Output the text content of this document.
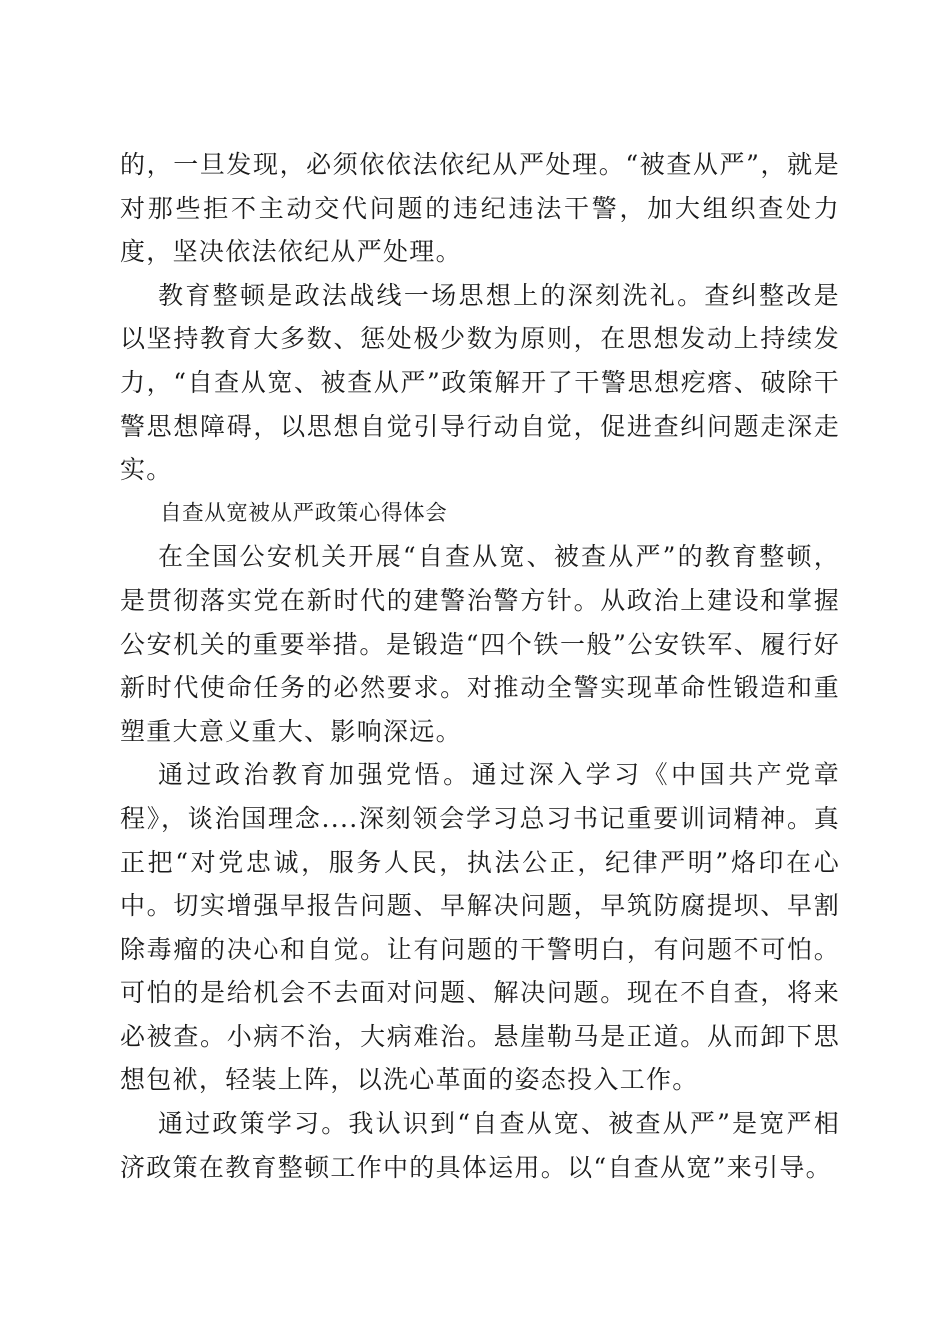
的，一旦发现，必须依依法依纪从严处理。“被查从严”，就是对那些拒不主动交代问题的违纪违法干警，加大组织查处力度，坚决依法依纪从严处理。

教育整顿是政法战线一场思想上的深刻洗礼。查纠整改是以坚持教育大多数、惩处极少数为原则，在思想发动上持续发力，“自查从宽、被查从严”政策解开了干警思想疙瘩、破除干警思想障碍，以思想自觉引导行动自觉，促进查纠问题走深走实。

自查从宽被从严政策心得体会

在全国公安机关开展“自查从宽、被查从严”的教育整顿，是贯彻落实党在新时代的建警治警方针。从政治上建设和掌握公安机关的重要举措。是锻造“四个铁一般”公安铁军、履行好新时代使命任务的必然要求。对推动全警实现革命性锻造和重塑重大意义重大、影响深远。

通过政治教育加强党悟。通过深入学习《中国共产党章程》，谈治国理念....深刻领会学习总习书记重要训词精神。真正把“对党忠诚，服务人民，执法公正，纪律严明”烙印在心中。切实增强早报告问题、早解决问题，早筑防腐提坝、早割除毒瘤的决心和自觉。让有问题的干警明白，有问题不可怕。可怕的是给机会不去面对问题、解决问题。现在不自查，将来必被查。小病不治，大病难治。悬崖勒马是正道。从而卸下思想包袱，轻装上阵，以洗心革面的姿态投入工作。

通过政策学习。我认识到“自查从宽、被查从严”是宽严相济政策在教育整顿工作中的具体运用。以“自查从宽”来引导。
